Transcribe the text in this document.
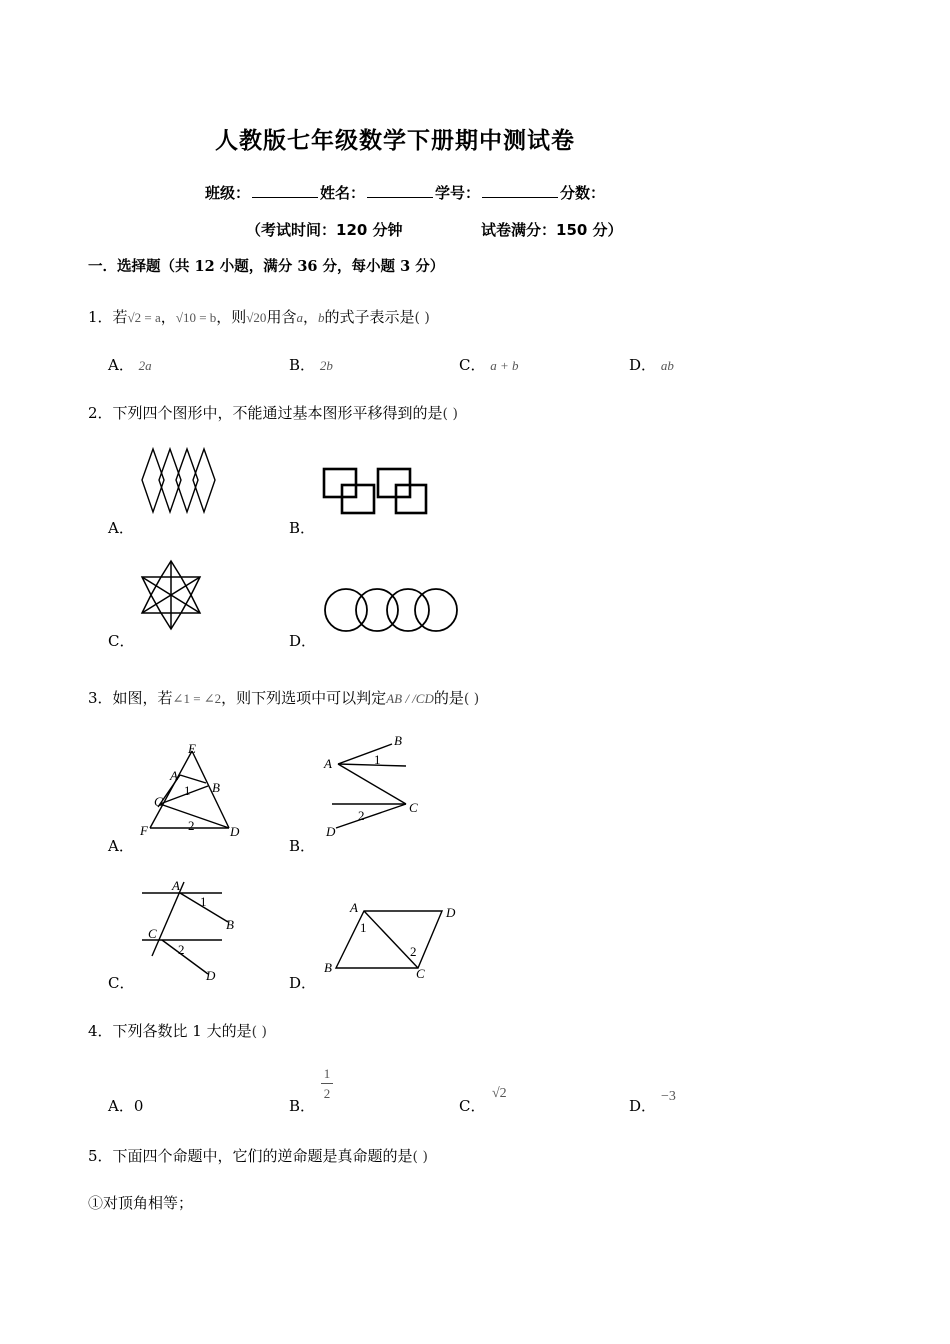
人教版七年级数学下册期中测试卷
班级：	姓名：	学号：	分数：
（考试时间：120 分钟	试卷满分：150 分）
一．选择题（共 12 小题，满分 36 分，每小题 3 分）
1．若√2 = a，√10 = b，则√20用含a，b的式子表示是( )
A． 2a	B． 2b	C． a + b	D． ab
2．下列四个图形中，不能通过基本图形平移得到的是( )
A．	B．
C．	D．
3．如图，若∠1 = ∠2，则下列选项中可以判定AB / /CD的是( )
A．
E
A
B
C
F	D
1
2
B．
B
A
C
D
1
2
C．
A
B
C
D
1
2
D．
A	D
B	C
1
2
4．下列各数比 1 大的是( )
A．0	B．
1
2
C．
√2
D．
−3
5．下面四个命题中，它们的逆命题是真命题的是( )
①对顶角相等；
